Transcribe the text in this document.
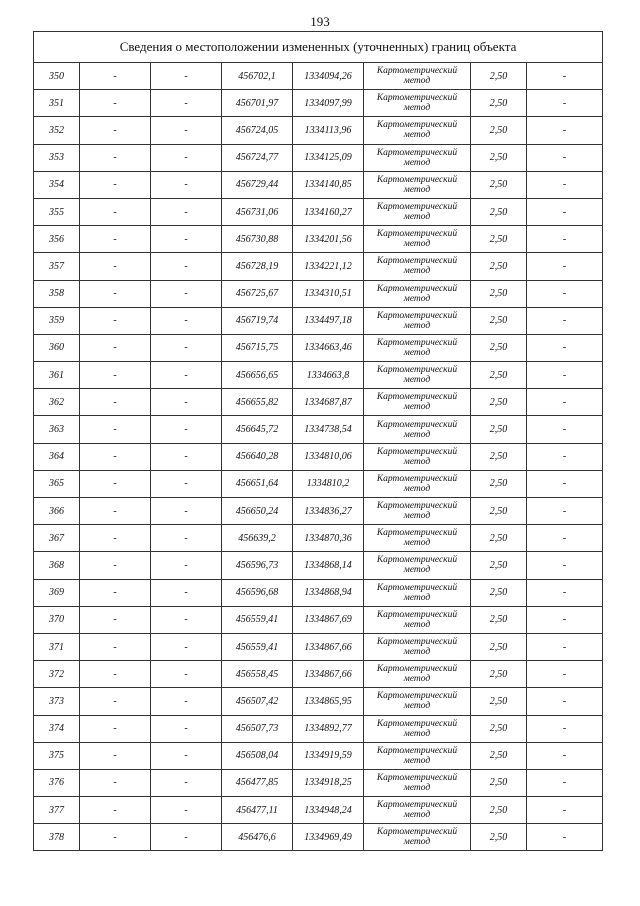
193
Сведения о местоположении измененных (уточненных) границ объекта							
350	-	-	456702,1	1334094,26	Картометрический метод	2,50	-
351	-	-	456701,97	1334097,99	Картометрический метод	2,50	-
352	-	-	456724,05	1334113,96	Картометрический метод	2,50	-
353	-	-	456724,77	1334125,09	Картометрический метод	2,50	-
354	-	-	456729,44	1334140,85	Картометрический метод	2,50	-
355	-	-	456731,06	1334160,27	Картометрический метод	2,50	-
356	-	-	456730,88	1334201,56	Картометрический метод	2,50	-
357	-	-	456728,19	1334221,12	Картометрический метод	2,50	-
358	-	-	456725,67	1334310,51	Картометрический метод	2,50	-
359	-	-	456719,74	1334497,18	Картометрический метод	2,50	-
360	-	-	456715,75	1334663,46	Картометрический метод	2,50	-
361	-	-	456656,65	1334663,8	Картометрический метод	2,50	-
362	-	-	456655,82	1334687,87	Картометрический метод	2,50	-
363	-	-	456645,72	1334738,54	Картометрический метод	2,50	-
364	-	-	456640,28	1334810,06	Картометрический метод	2,50	-
365	-	-	456651,64	1334810,2	Картометрический метод	2,50	-
366	-	-	456650,24	1334836,27	Картометрический метод	2,50	-
367	-	-	456639,2	1334870,36	Картометрический метод	2,50	-
368	-	-	456596,73	1334868,14	Картометрический метод	2,50	-
369	-	-	456596,68	1334868,94	Картометрический метод	2,50	-
370	-	-	456559,41	1334867,69	Картометрический метод	2,50	-
371	-	-	456559,41	1334867,66	Картометрический метод	2,50	-
372	-	-	456558,45	1334867,66	Картометрический метод	2,50	-
373	-	-	456507,42	1334865,95	Картометрический метод	2,50	-
374	-	-	456507,73	1334892,77	Картометрический метод	2,50	-
375	-	-	456508,04	1334919,59	Картометрический метод	2,50	-
376	-	-	456477,85	1334918,25	Картометрический метод	2,50	-
377	-	-	456477,11	1334948,24	Картометрический метод	2,50	-
378	-	-	456476,6	1334969,49	Картометрический метод	2,50	-
